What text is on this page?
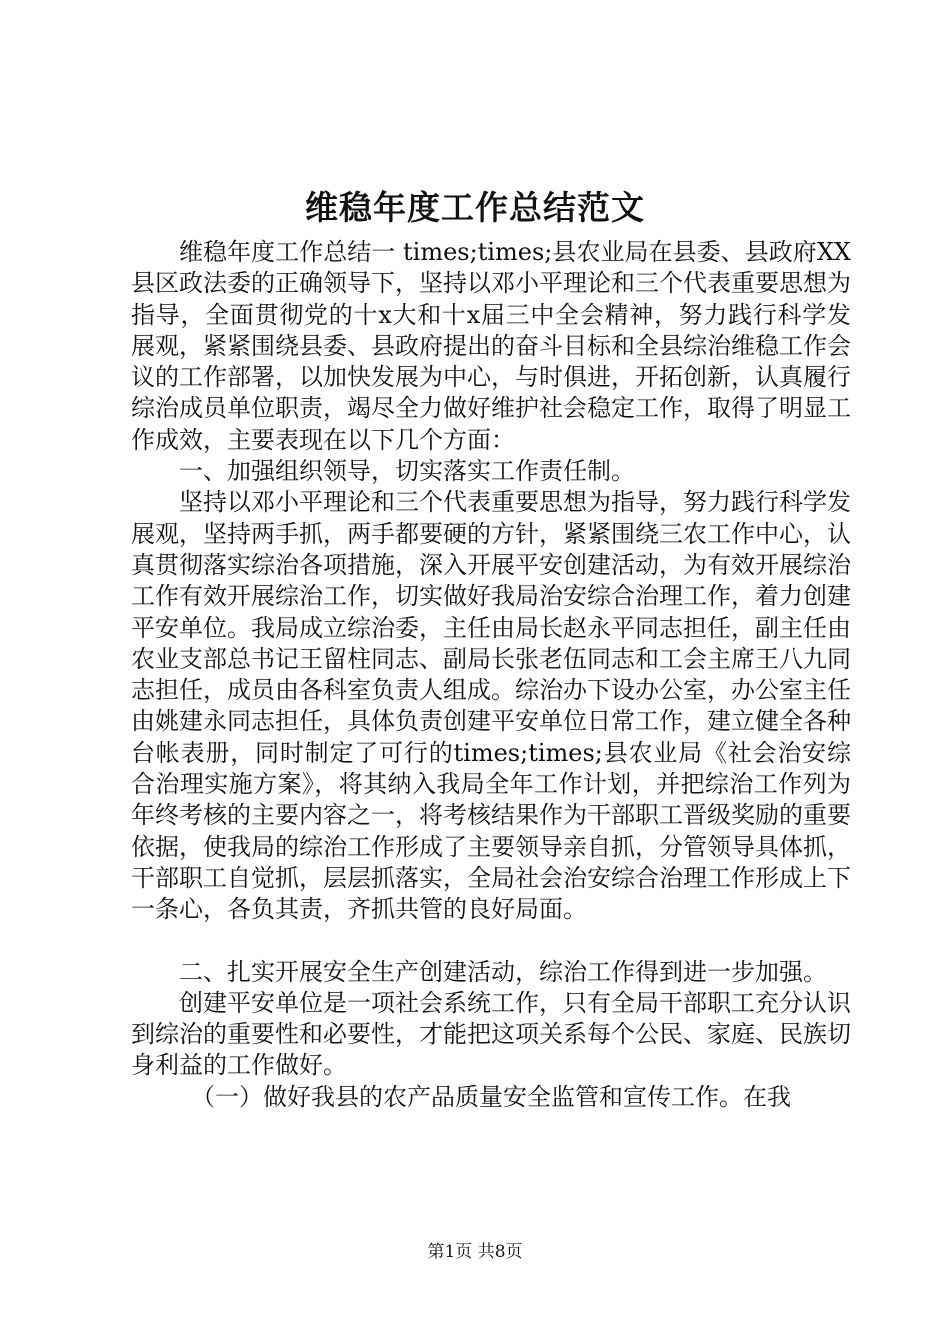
维稳年度工作总结范文

维稳年度工作总结一 times;times;县农业局在县委、县政府XX县区政法委的正确领导下，坚持以邓小平理论和三个代表重要思想为指导，全面贯彻党的十x大和十x届三中全会精神，努力践行科学发展观，紧紧围绕县委、县政府提出的奋斗目标和全县综治维稳工作会议的工作部署，以加快发展为中心，与时俱进，开拓创新，认真履行综治成员单位职责，竭尽全力做好维护社会稳定工作，取得了明显工作成效，主要表现在以下几个方面：

一、加强组织领导，切实落实工作责任制。

坚持以邓小平理论和三个代表重要思想为指导，努力践行科学发展观，坚持两手抓，两手都要硬的方针，紧紧围绕三农工作中心，认真贯彻落实综治各项措施，深入开展平安创建活动，为有效开展综治工作有效开展综治工作，切实做好我局治安综合治理工作，着力创建平安单位。我局成立综治委，主任由局长赵永平同志担任，副主任由农业支部总书记王留柱同志、副局长张老伍同志和工会主席王八九同志担任，成员由各科室负责人组成。综治办下设办公室，办公室主任由姚建永同志担任，具体负责创建平安单位日常工作，建立健全各种台帐表册，同时制定了可行的times;times;县农业局《社会治安综合治理实施方案》，将其纳入我局全年工作计划，并把综治工作列为年终考核的主要内容之一，将考核结果作为干部职工晋级奖励的重要依据，使我局的综治工作形成了主要领导亲自抓，分管领导具体抓，干部职工自觉抓，层层抓落实，全局社会治安综合治理工作形成上下一条心，各负其责，齐抓共管的良好局面。

二、扎实开展安全生产创建活动，综治工作得到进一步加强。

创建平安单位是一项社会系统工作，只有全局干部职工充分认识到综治的重要性和必要性，才能把这项关系每个公民、家庭、民族切身利益的工作做好。

（一）做好我县的农产品质量安全监管和宣传工作。在我

第1页 共8页
